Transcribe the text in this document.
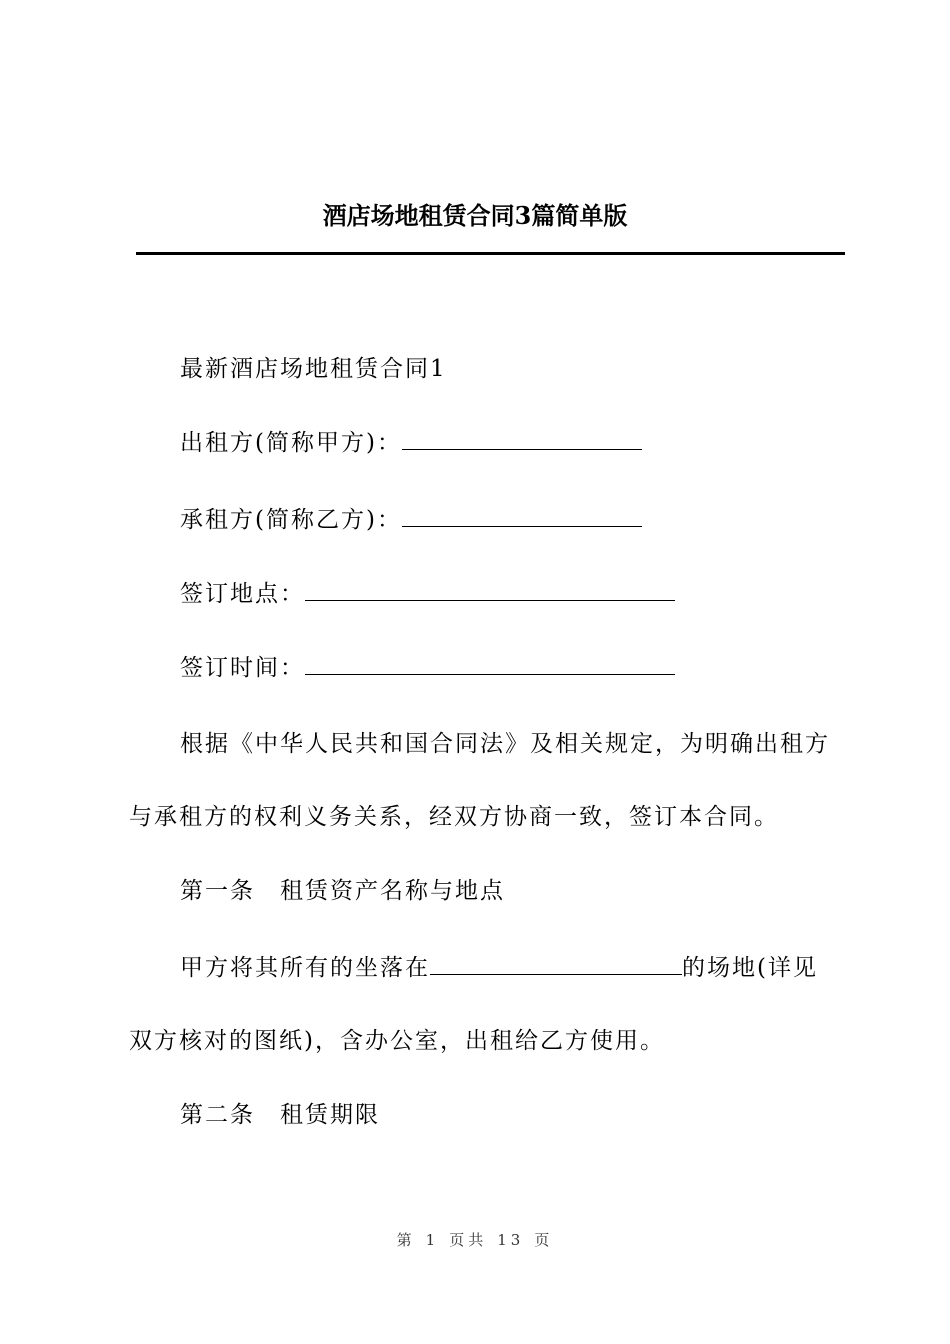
酒店场地租赁合同3篇简单版
最新酒店场地租赁合同1
出租方(简称甲方)：
承租方(简称乙方)：
签订地点：
签订时间：
根据《中华人民共和国合同法》及相关规定，为明确出租方
与承租方的权利义务关系，经双方协商一致，签订本合同。
第一条　租赁资产名称与地点
甲方将其所有的坐落在	的场地(详见
双方核对的图纸)，含办公室，出租给乙方使用。
第二条　租赁期限
第 1 页共 13 页
